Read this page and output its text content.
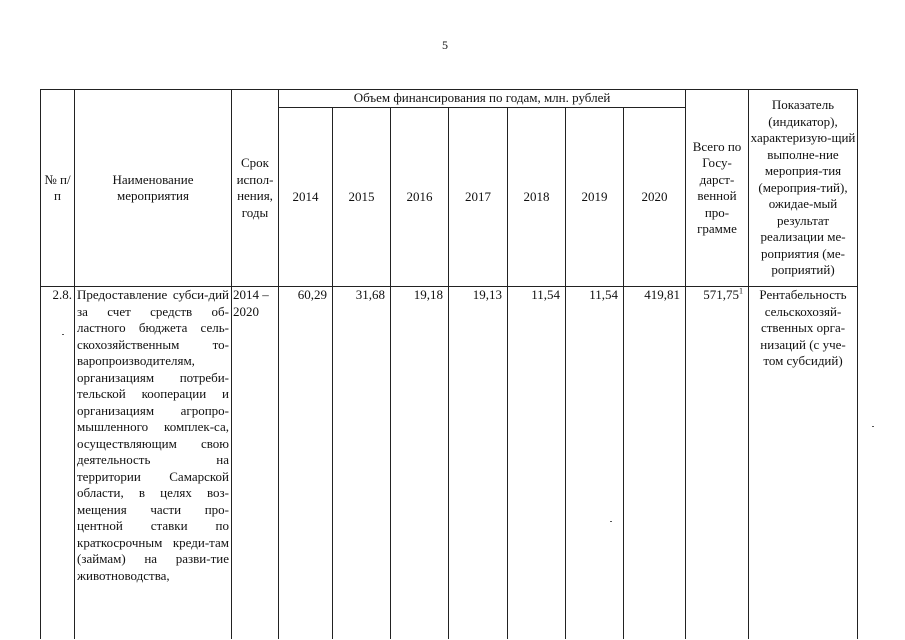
5
№ п/п	Наименование мероприятия	Срок испол-нения, годы	Объем финансирования по годам, млн. рублей							Всего по Госу-дарст-венной про-грамме	Показатель (индикатор), характеризую-щий выполне-ние мероприя-тия (мероприя-тий), ожидае-мый результат реализации ме-роприятия (ме-роприятий)
			2014	2015	2016	2017	2018	2019	2020		
2.8.	Предоставление субси-дий за счет средств об-ластного бюджета сель-скохозяйственным то-варопроизводителям, организациям потреби-тельской кооперации и организациям агропро-мышленного комплек-са, осуществляющим свою деятельность на территории Самарской области, в целях воз-мещения части про-центной ставки по краткосрочным креди-там (займам) на разви-тие животноводства,	2014 – 2020	60,29	31,68	19,18	19,13	11,54	11,54	419,81	571,75$^1$	Рентабельность сельскохозяй-ственных орга-низаций (с уче-том субсидий)
